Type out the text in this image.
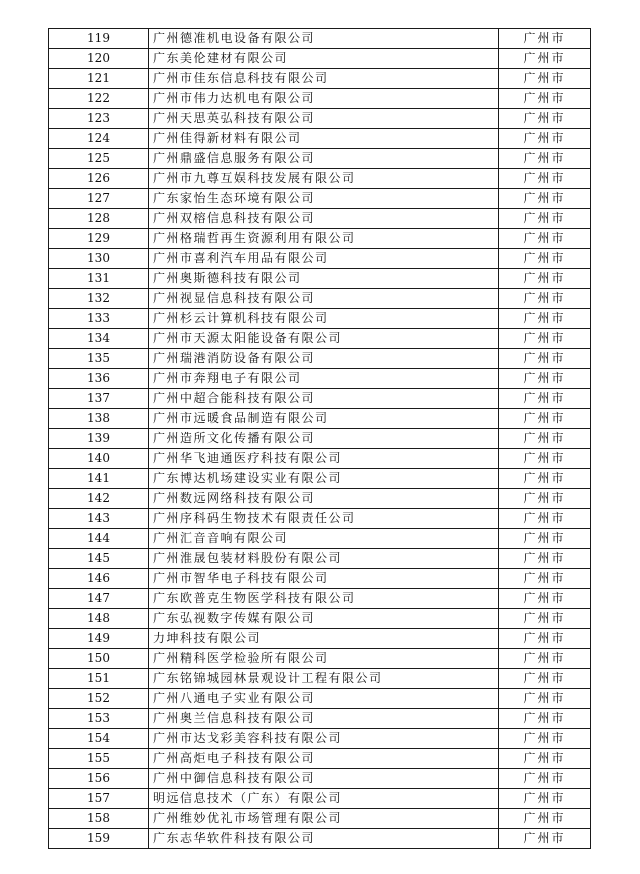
119	广州德准机电设备有限公司	广州市
120	广东美伦建材有限公司	广州市
121	广州市佳东信息科技有限公司	广州市
122	广州市伟力达机电有限公司	广州市
123	广州天思英弘科技有限公司	广州市
124	广州佳得新材料有限公司	广州市
125	广州鼎盛信息服务有限公司	广州市
126	广州市九尊互娱科技发展有限公司	广州市
127	广东家怡生态环境有限公司	广州市
128	广州双榕信息科技有限公司	广州市
129	广州格瑞哲再生资源利用有限公司	广州市
130	广州市喜利汽车用品有限公司	广州市
131	广州奥斯德科技有限公司	广州市
132	广州视显信息科技有限公司	广州市
133	广州杉云计算机科技有限公司	广州市
134	广州市天源太阳能设备有限公司	广州市
135	广州瑞港消防设备有限公司	广州市
136	广州市奔翔电子有限公司	广州市
137	广州中超合能科技有限公司	广州市
138	广州市远暖食品制造有限公司	广州市
139	广州造所文化传播有限公司	广州市
140	广州华飞迪通医疗科技有限公司	广州市
141	广东博达机场建设实业有限公司	广州市
142	广州数远网络科技有限公司	广州市
143	广州序科码生物技术有限责任公司	广州市
144	广州汇音音响有限公司	广州市
145	广州淮晟包装材料股份有限公司	广州市
146	广州市智华电子科技有限公司	广州市
147	广东欧普克生物医学科技有限公司	广州市
148	广东弘视数字传媒有限公司	广州市
149	力坤科技有限公司	广州市
150	广州精科医学检验所有限公司	广州市
151	广东铭锦城园林景观设计工程有限公司	广州市
152	广州八通电子实业有限公司	广州市
153	广州奥兰信息科技有限公司	广州市
154	广州市达戈彩美容科技有限公司	广州市
155	广州高炬电子科技有限公司	广州市
156	广州中御信息科技有限公司	广州市
157	明远信息技术（广东）有限公司	广州市
158	广州维妙优礼市场管理有限公司	广州市
159	广东志华软件科技有限公司	广州市
